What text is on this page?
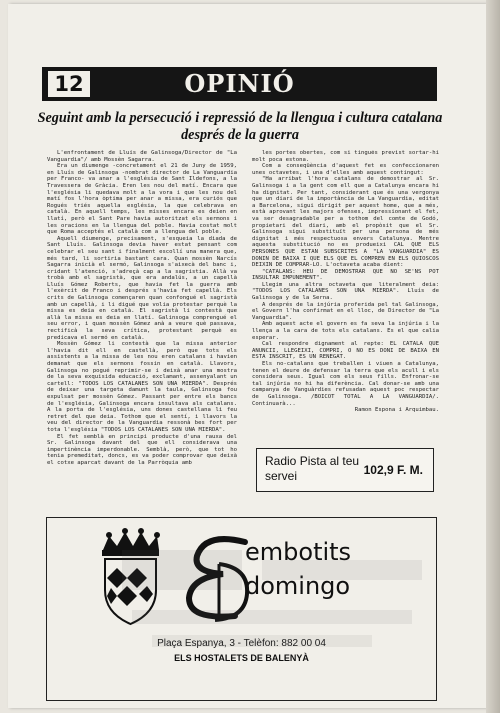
12	OPINIÓ
Seguint amb la persecució i repressió de la llengua i cultura catalana després de la guerra

L'enfrontament de Lluís de Galinsoga/Director de "La Vanguardia"/ amb Mossèn Sagarra.

Era un diumenge -concretament el 21 de Juny de 1959, en Lluís de Galinsoga -nombrat director de La Vanguardia per Franco- va anar a l'església de Sant Ildefons, a la Travessera de Gràcia. Eren les nou del matí. Encara que l'església li quedava molt a la vora i que les nou del matí fos l'hora òptima per anar a missa, era curiós que Rogués triés aquella església, la que celebrava en català. En aquell temps, les misses encara es deien en llatí, però el Sant Pare havia autoritzat els sermons i les oracions en la llengua del poble. Havia costat molt que Roma acceptés el català com a llengua del poble.

Aquell diumenge, precisament, s'esqueia la diada de Sant Lluís. Galinsoga devia haver estat pensant com celebrar el seu sant i finalment escollí una manera que, més tard, li sortiria bastant cara. Quan mossèn Narcís Sagarra inicià el sermó, Galinsoga s'aixecà del banc i, cridant l'atenció, s'adreçà cap a la sagristia. Allà va trobà amb el sagristà, que era andalús, a un capellà Lluís Gómez Roberts, que havia fet la guerra amb l'exèrcit de Franco i després s'havia fet capellà. Els crits de Galinsoga començaren quan confongué el sagristà amb un capellà, i li digué que volia protestar perquè la missa es deia en català. El sagristà li contestà que allà la missa es deia en llatí. Galinsoga comprengué el seu error, i quan mossèn Gómez anà a veure què passava, rectificà la seva crítica, protestant perquè es predicava el sermó en català.

Mossèn Gómez li contestà que la missa anterior l'havia dit ell en castellà, però que tots els assistents a la missa de les nou eren catalans i havien demanat que els sermons fossin en català. Llavors, Galinsoga no pogué reprimir-se i deixà anar una mostra de la seva exquisida educació, exclamant, assenyalant un cartell: "TODOS LOS CATALANES SON UNA MIERDA". Després de deixar una targeta damunt la taula, Galinsoga fou expulsat per mossèn Gómez. Passant per entre els bancs de l'església, Galinsoga encara insultava als catalans. A la porta de l'església, uns dones castellana li feu retret del que deia. Tothom que el sentí, i llavors la veu del director de la Vanguardia ressonà bes fort per tota l'església "TODOS LOS CATALANES SON UNA MIERDA".

El fet semblà en principi producte d'una rauxa del Sr. Galinsoga davant del que ell considerava una impertinència imperdonable. Semblà, però, que tot ho tenia premeditat, doncs, es va poder comprovar que deixà el cotxe aparcat davant de la Parròquia amb

les portes obertes, com si tingués previst sortar-hi molt poca estona.

Com a conseqüència d'aquest fet es confeccionaren unes octavetes, i una d'elles amb aquest contingut:

"Ha arribat l'hora catalans de demostrar al Sr. Galinsoga i a la gent com ell que a Catalunya encara hi ha dignitat. Per tant, considerant que és una vergonya que un diari de la importància de La Vanguardia, editat a Barcelona, sigui dirigit per aquest home, que a més, està aprovant les majors ofenses, impressionant el fet, va ser desagradable per a tothom del comte de Godó, propietari del diari, amb el propòsit que el Sr. Galinsoga sigui substituït per una persona de més dignitat i més respectuosa envers Catalunya. Mentre aquesta substitució no es produeixi CAL QUE ELS PERSONES QUE ESTAN SUBSCRITES A "LA VANGUARDIA" ES DONIN DE BAIXA I QUE ELS QUE EL COMPREN EN ELS QUIOSCOS DEIXIN DE COMPRAR-LO. L'octaveta acaba dient:

"CATALANS: HEU DE DEMOSTRAR QUE NO SE'NS POT INSULTAR IMPUNEMENT".

Llegim una altra octaveta que literalment deia: "TODOS LOS CATALANES SON UNA MIERDA". Lluís de Galinsoga y de la Serna.

A després de la injúria proferida pel tal Galinsoga, el Govern l'ha confirmat en el lloc, de Director de "La Vanguardia".

Amb aquest acte el govern es fa seva la injúria i la llença a la cara de tots els catalans. Es el que calia esperar.

Cal respondre dignament al repte: EL CATALA QUE ANUNCII, LLEGEIXI, COMPRI, O NO ES DONI DE BAIXA EN ESTA INSCRIT, ES UN RENEGAT.

Els no-catalans que treballen i viuen a Catalunya, tenen el deure de defensar la terra que els acull i els considera seus. Igual com els seus fills. Enfronar-se tal injúria no hi ha diferència. Cal donar-se amb una campanya de Vanguàrdies refusadan aquest poc respectar de Galinsoga. /BOICOT TOTAL A LA VANGUARDIA/. Continuarà...

Ramon Espona i Arquimbau.

Radio Pista al teu servei	102,9 F. M.
embotits
domingo
Plaça Espanya, 3 - Telèfon: 882 00 04
ELS HOSTALETS DE BALENYÀ
